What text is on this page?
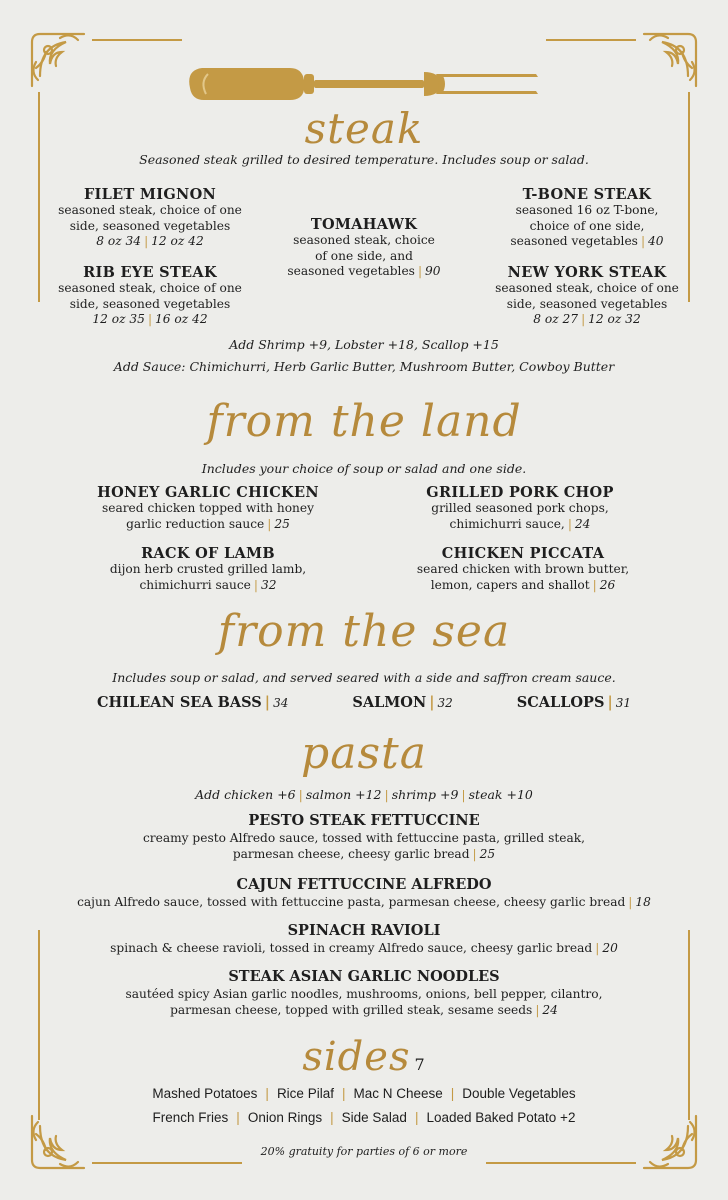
steak
Seasoned steak grilled to desired temperature. Includes soup or salad.
FILET MIGNON
seasoned steak, choice of one
side, seasoned vegetables
8 oz 34 | 12 oz 42
RIB EYE STEAK
seasoned steak, choice of one
side, seasoned vegetables
12 oz 35 | 16 oz 42
TOMAHAWK
seasoned steak, choice
of one side, and
seasoned vegetables | 90
T-BONE STEAK
seasoned 16 oz T-bone,
choice of one side,
seasoned vegetables | 40
NEW YORK STEAK
seasoned steak, choice of one
side, seasoned vegetables
8 oz 27 | 12 oz 32
Add Shrimp +9, Lobster +18, Scallop +15
Add Sauce: Chimichurri, Herb Garlic Butter, Mushroom Butter, Cowboy Butter
from the land
Includes your choice of soup or salad and one side.
HONEY GARLIC CHICKEN
seared chicken topped with honey
garlic reduction sauce | 25
GRILLED PORK CHOP
grilled seasoned pork chops,
chimichurri sauce, | 24
RACK OF LAMB
dijon herb crusted grilled lamb,
chimichurri sauce | 32
CHICKEN PICCATA
seared chicken with brown butter,
lemon, capers and shallot | 26
from the sea
Includes soup or salad, and served seared with a side and saffron cream sauce.
CHILEAN SEA BASS | 34	SALMON | 32	SCALLOPS | 31
pasta
Add chicken +6 | salmon +12 | shrimp +9 | steak +10
PESTO STEAK FETTUCCINE
creamy pesto Alfredo sauce, tossed with fettuccine pasta, grilled steak,
parmesan cheese, cheesy garlic bread | 25
CAJUN FETTUCCINE ALFREDO
cajun Alfredo sauce, tossed with fettuccine pasta, parmesan cheese, cheesy garlic bread | 18
SPINACH RAVIOLI
spinach & cheese ravioli, tossed in creamy Alfredo sauce, cheesy garlic bread | 20
STEAK ASIAN GARLIC NOODLES
sautéed spicy Asian garlic noodles, mushrooms, onions, bell pepper, cilantro,
parmesan cheese, topped with grilled steak, sesame seeds | 24
sides 7
Mashed Potatoes | Rice Pilaf | Mac N Cheese | Double Vegetables
French Fries | Onion Rings | Side Salad | Loaded Baked Potato +2
20% gratuity for parties of 6 or more
